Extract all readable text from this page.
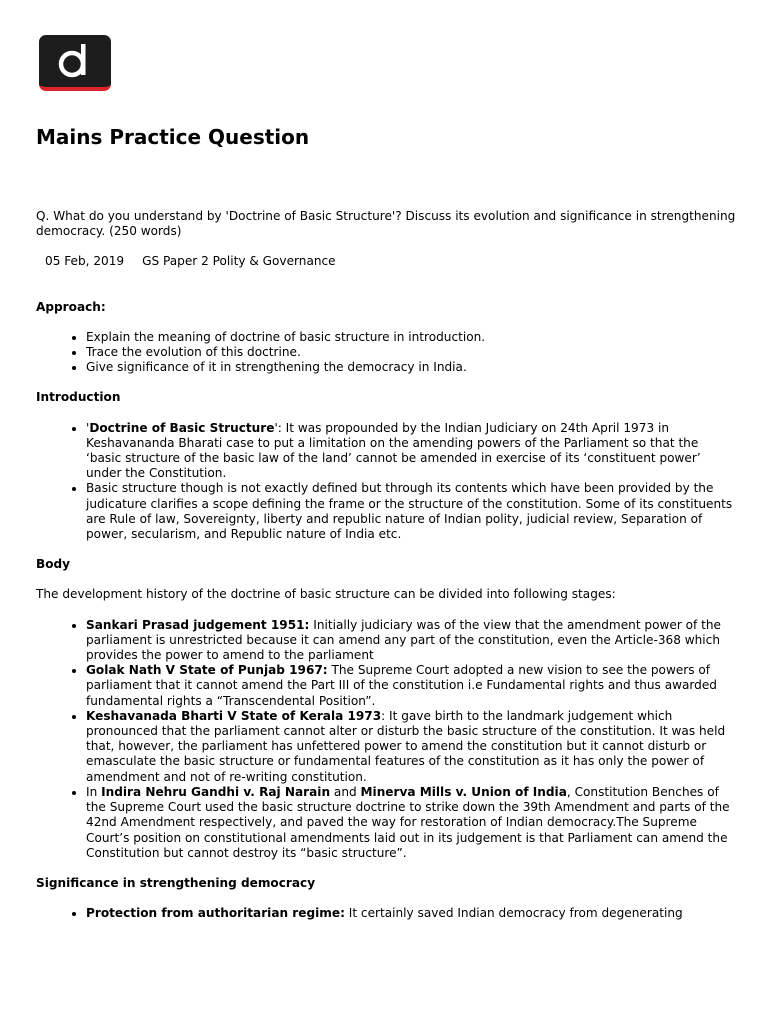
Mains Practice Question

Q. What do you understand by 'Doctrine of Basic Structure'? Discuss its evolution and significance in strengthening democracy. (250 words)

05 Feb, 2019 GS Paper 2 Polity & Governance
Approach:
• Explain the meaning of doctrine of basic structure in introduction.
• Trace the evolution of this doctrine.
• Give significance of it in strengthening the democracy in India.
Introduction
• 'Doctrine of Basic Structure': It was propounded by the Indian Judiciary on 24th April 1973 in Keshavananda Bharati case to put a limitation on the amending powers of the Parliament so that the ‘basic structure of the basic law of the land’ cannot be amended in exercise of its ‘constituent power’ under the Constitution.
• Basic structure though is not exactly defined but through its contents which have been provided by the judicature clarifies a scope defining the frame or the structure of the constitution. Some of its constituents are Rule of law, Sovereignty, liberty and republic nature of Indian polity, judicial review, Separation of power, secularism, and Republic nature of India etc.
Body

The development history of the doctrine of basic structure can be divided into following stages:

• Sankari Prasad judgement 1951: Initially judiciary was of the view that the amendment power of the parliament is unrestricted because it can amend any part of the constitution, even the Article-368 which provides the power to amend to the parliament
• Golak Nath V State of Punjab 1967: The Supreme Court adopted a new vision to see the powers of parliament that it cannot amend the Part III of the constitution i.e Fundamental rights and thus awarded fundamental rights a “Transcendental Position”.
• Keshavanada Bharti V State of Kerala 1973: It gave birth to the landmark judgement which pronounced that the parliament cannot alter or disturb the basic structure of the constitution. It was held that, however, the parliament has unfettered power to amend the constitution but it cannot disturb or emasculate the basic structure or fundamental features of the constitution as it has only the power of amendment and not of re-writing constitution.
• In Indira Nehru Gandhi v. Raj Narain and Minerva Mills v. Union of India, Constitution Benches of the Supreme Court used the basic structure doctrine to strike down the 39th Amendment and parts of the 42nd Amendment respectively, and paved the way for restoration of Indian democracy.The Supreme Court’s position on constitutional amendments laid out in its judgement is that Parliament can amend the Constitution but cannot destroy its “basic structure”.
Significance in strengthening democracy
• Protection from authoritarian regime: It certainly saved Indian democracy from degenerating
